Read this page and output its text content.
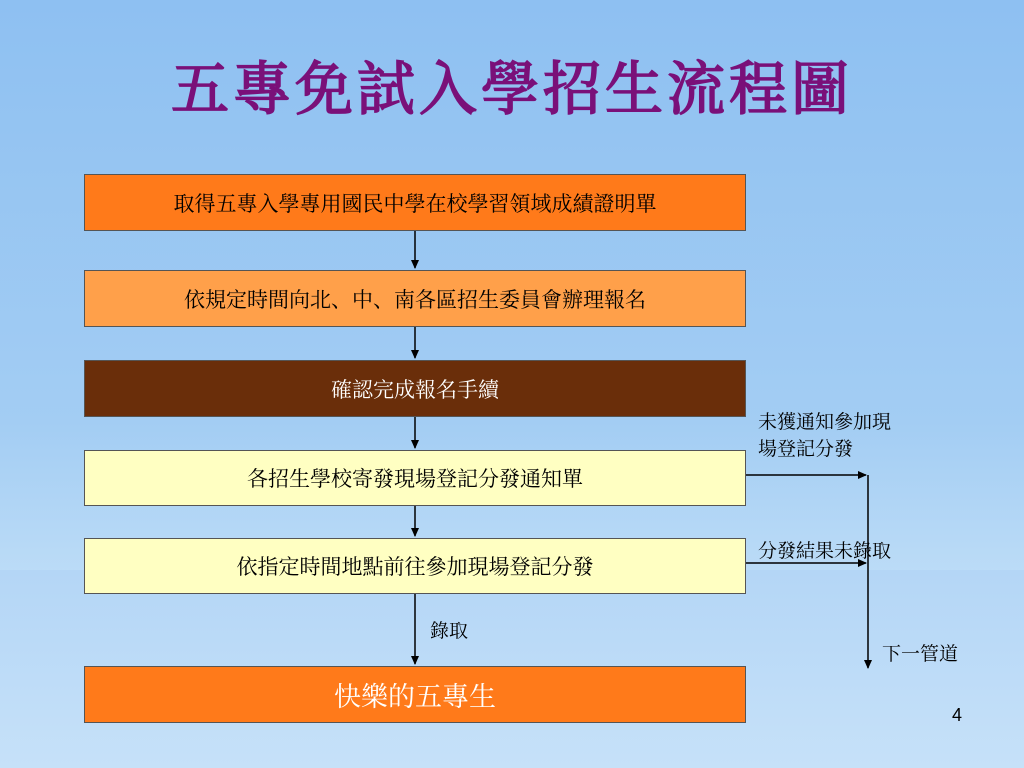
五專免試入學招生流程圖
取得五專入學專用國民中學在校學習領域成績證明單
依規定時間向北、中、南各區招生委員會辦理報名
確認完成報名手續
各招生學校寄發現場登記分發通知單
依指定時間地點前往參加現場登記分發
快樂的五專生
未獲通知參加現
場登記分發
分發結果未錄取
錄取
下一管道
4
